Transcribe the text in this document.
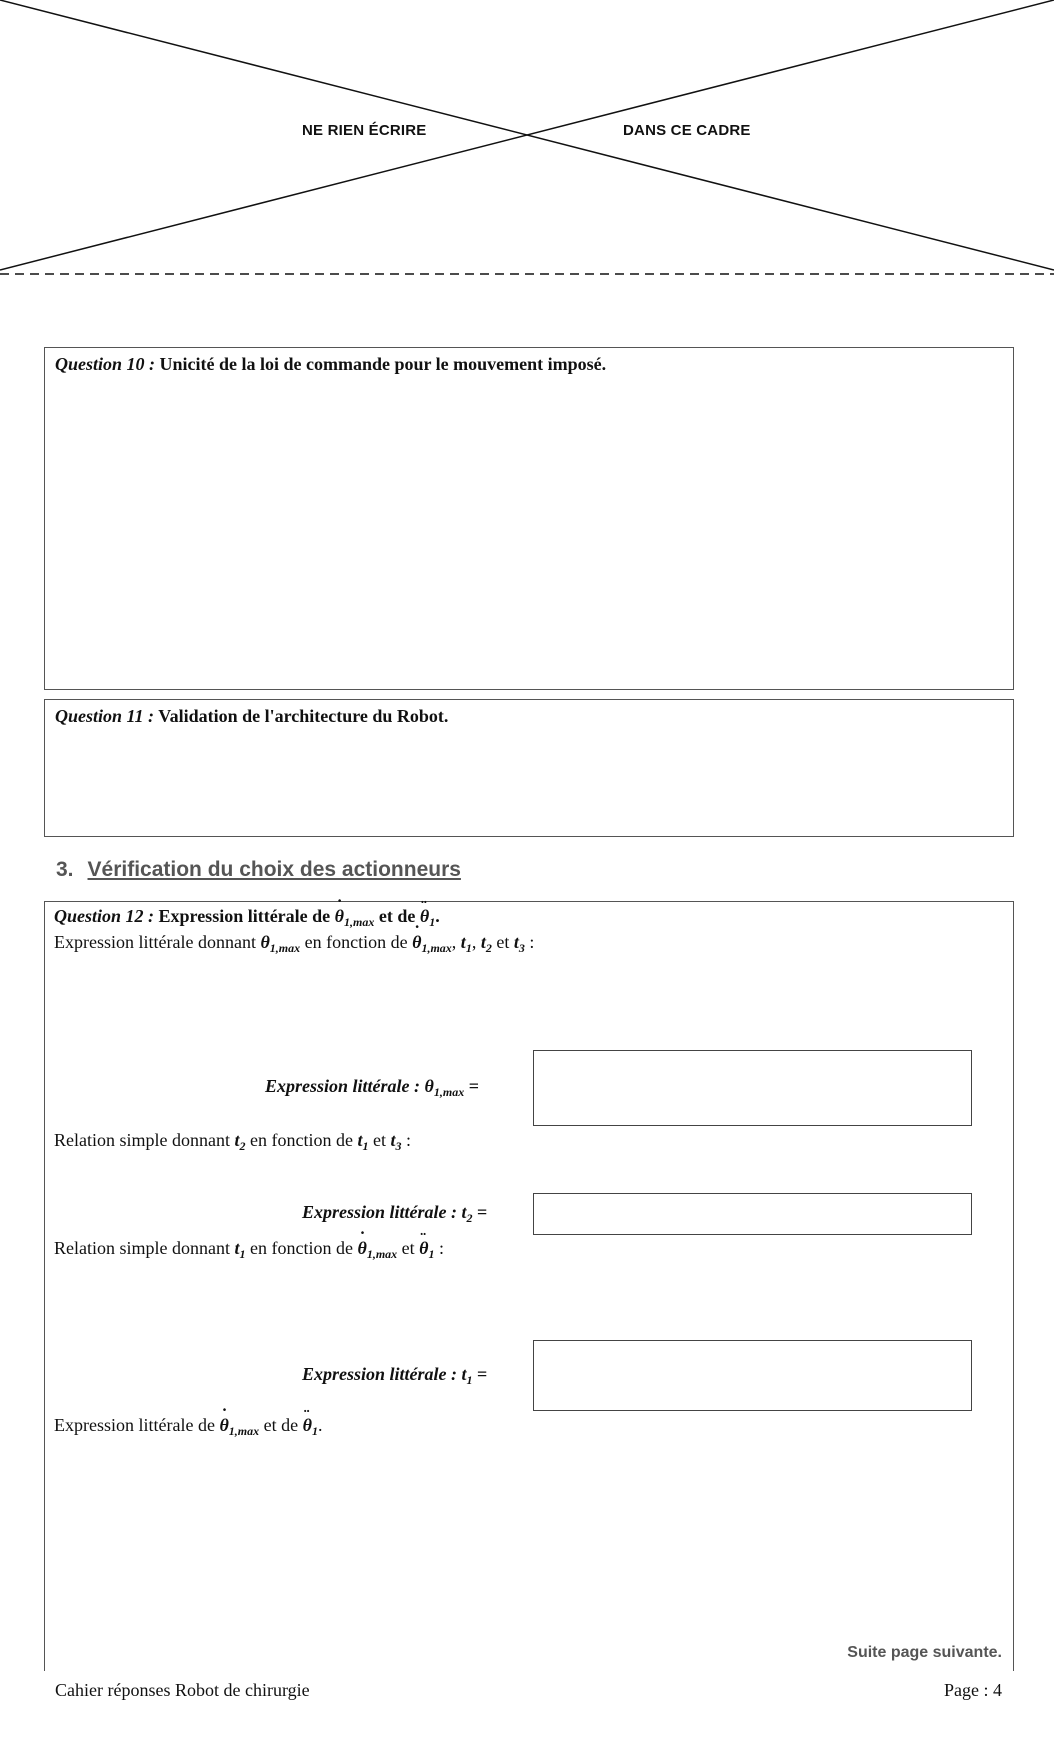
NE RIEN ÉCRIRE	DANS CE CADRE
Question 10 : Unicité de la loi de commande pour le mouvement imposé.
Question 11 : Validation de l'architecture du Robot.
3. Vérification du choix des actionneurs
Question 12 : Expression littérale de ˙ $\theta_{1,max}$ et de ¨ $\theta_1$.
Expression littérale donnant $\theta_{1,max}$ en fonction de ˙ $\theta_{1,max}$, $t_1$, $t_2$ et $t_3$ :
Expression littérale : $\theta_{1,max}$ =
Relation simple donnant $t_2$ en fonction de $t_1$ et $t_3$ :
Expression littérale : $t_2$ =
Relation simple donnant $t_1$ en fonction de ˙ $\theta_{1,max}$ et ¨ $\theta_1$ :
Expression littérale : $t_1$ =
Expression littérale de ˙ $\theta_{1,max}$ et de ¨ $\theta_1$.
Suite page suivante.
Cahier réponses Robot de chirurgie	Page : 4
